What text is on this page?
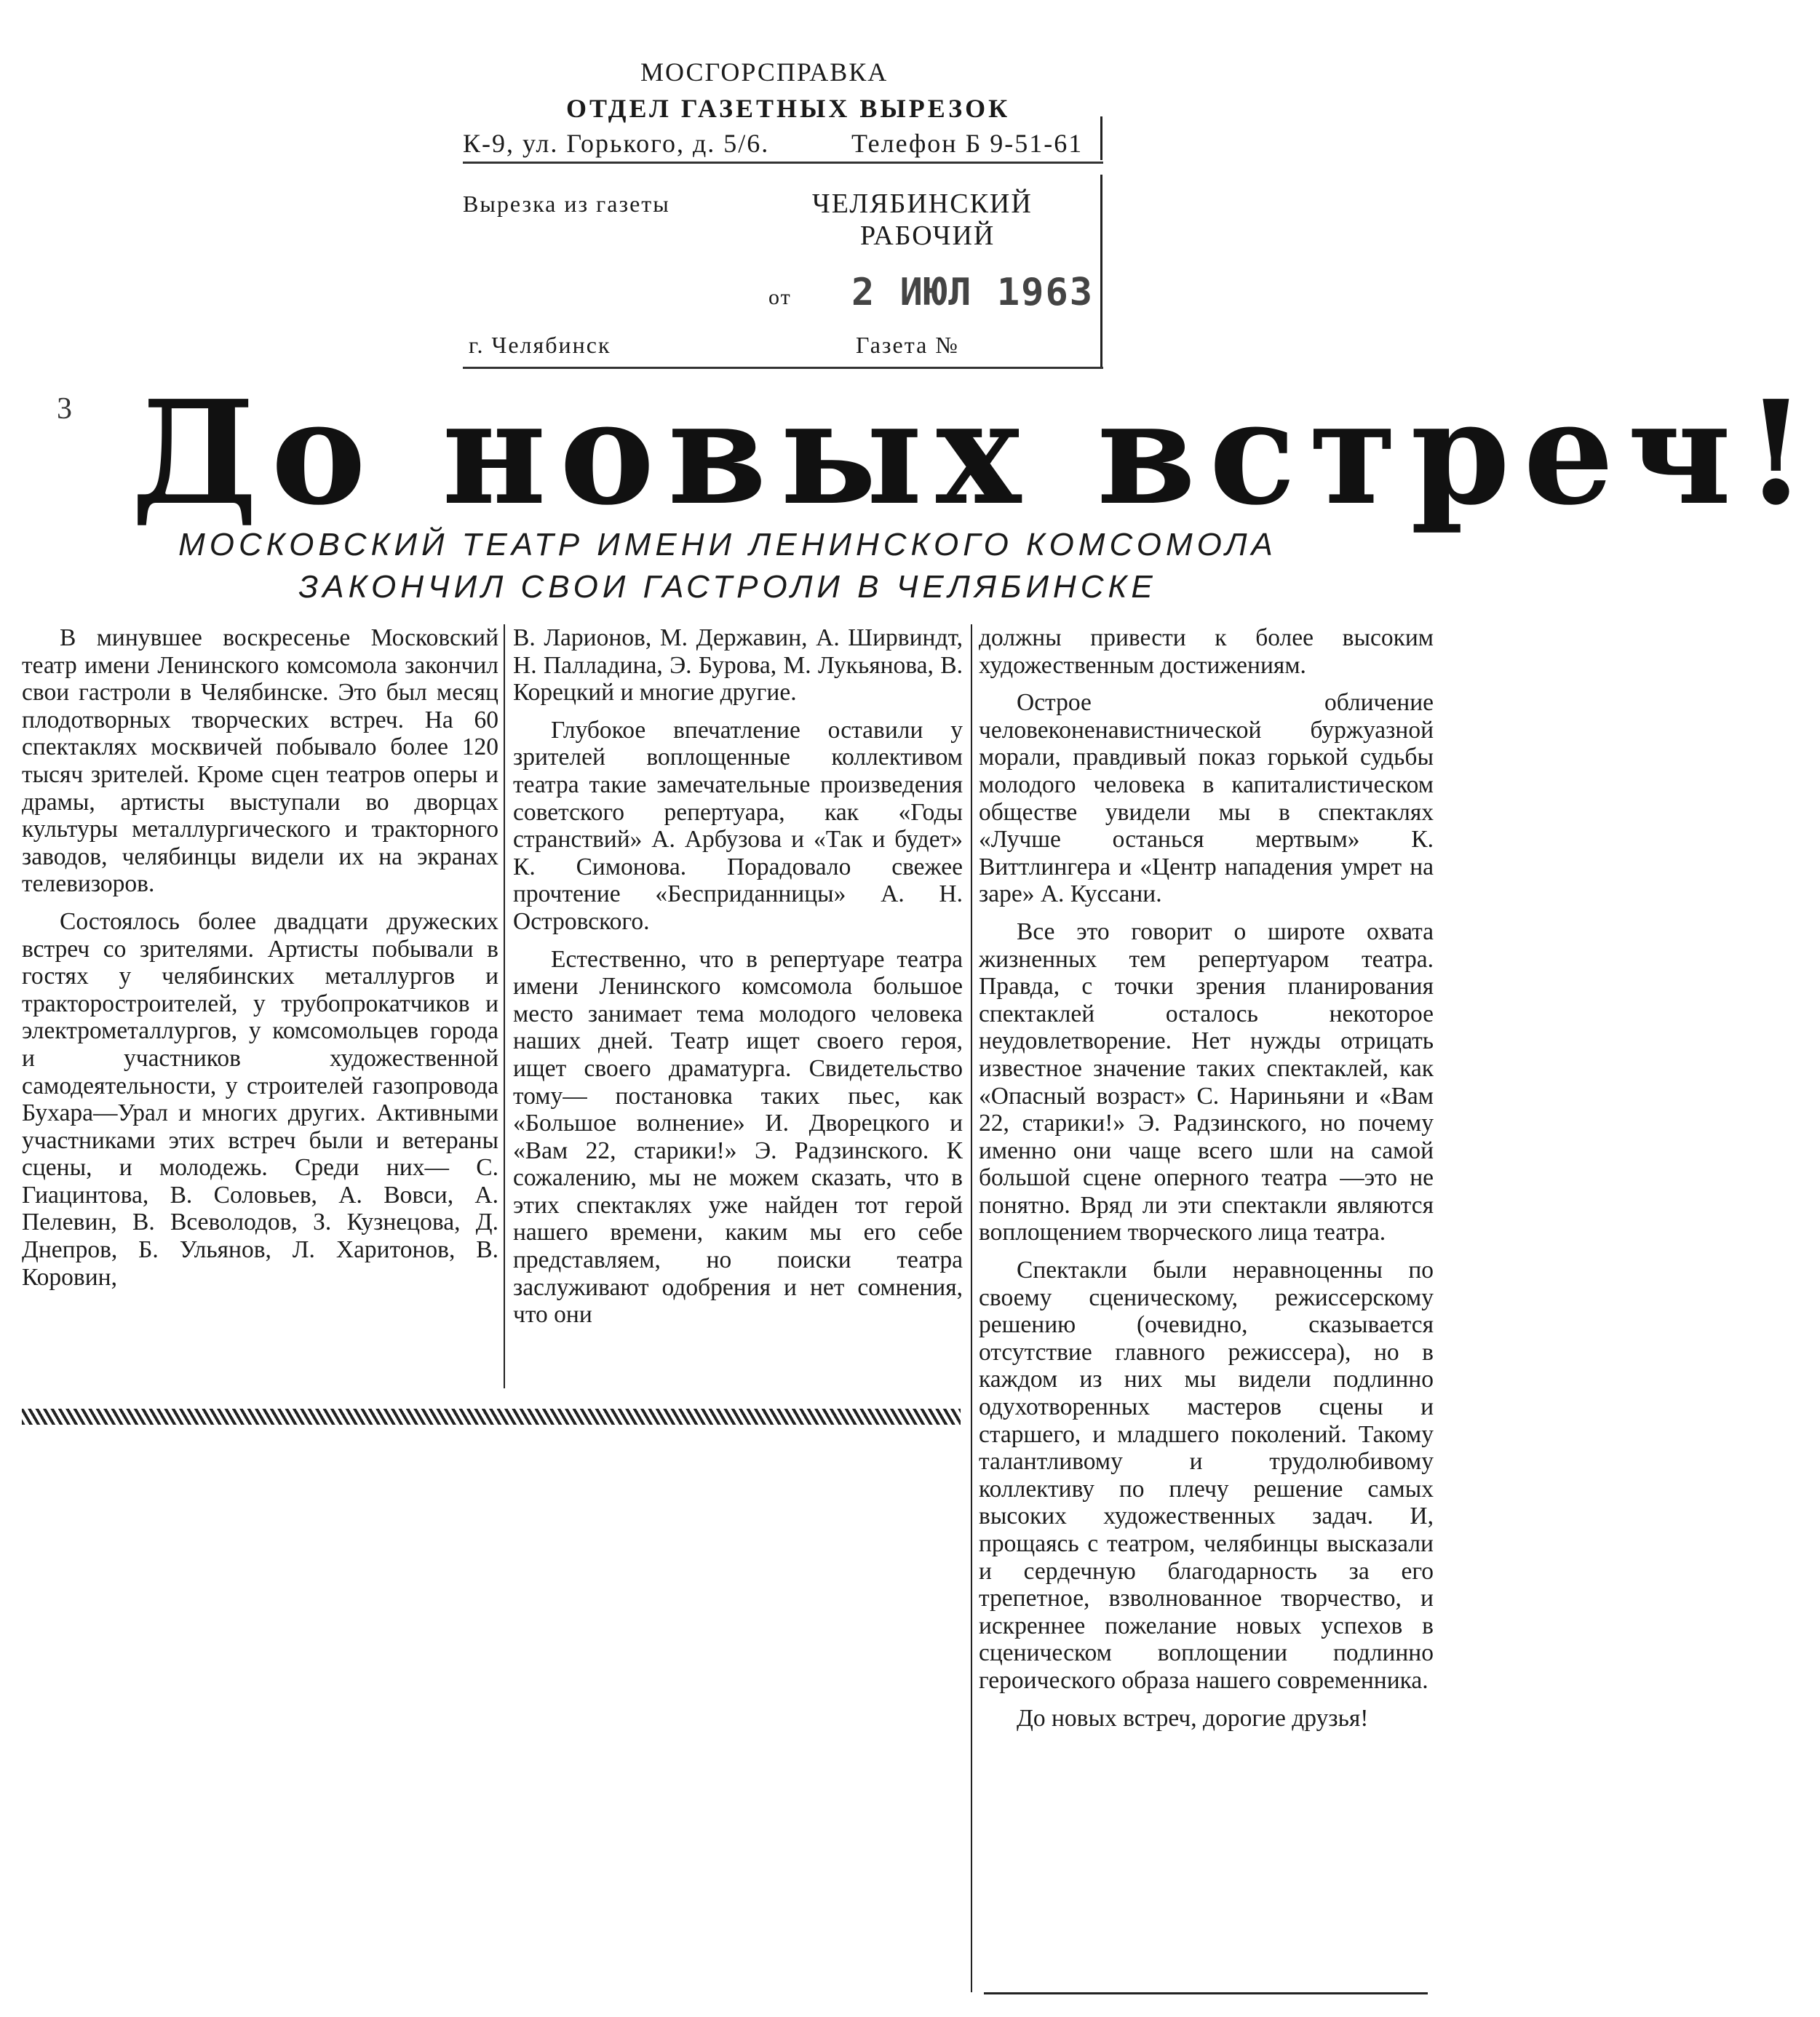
МОСГОРСПРАВКА
ОТДЕЛ ГАЗЕТНЫХ ВЫРЕЗОК
К-9, ул. Горького, д. 5/6.	Телефон Б 9-51-61
Вырезка из газеты	ЧЕЛЯБИНСКИЙ
РАБОЧИЙ
от 2 ИЮЛ 1963
г. Челябинск	Газета №
3 До новых встреч!
МОСКОВСКИЙ ТЕАТР ИМЕНИ ЛЕНИНСКОГО КОМСОМОЛА
ЗАКОНЧИЛ СВОИ ГАСТРОЛИ В ЧЕЛЯБИНСКЕ

В минувшее воскресенье Московский театр имени Ленинского комсомола закончил свои гастроли в Челябинске. Это был месяц плодотворных творческих встреч. На 60 спектаклях москвичей побывало более 120 тысяч зрителей. Кроме сцен театров оперы и драмы, артисты выступали во дворцах культуры металлургического и тракторного заводов, челябинцы видели их на экранах телевизоров.

Состоялось более двадцати дружеских встреч со зрителями. Артисты побывали в гостях у челябинских металлургов и тракторостроителей, у трубопрокатчиков и электрометаллургов, у комсомольцев города и участников художественной самодеятельности, у строителей газопровода Бухара—Урал и многих других. Активными участниками этих встреч были и ветераны сцены, и молодежь. Среди них— С. Гиацинтова, В. Соловьев, А. Вовси, А. Пелевин, В. Всеволодов, З. Кузнецова, Д. Днепров, Б. Ульянов, Л. Харитонов, В. Коровин,

В. Ларионов, М. Державин, А. Ширвиндт, Н. Палладина, Э. Бурова, М. Лукьянова, В. Корецкий и многие другие.

Глубокое впечатление оставили у зрителей воплощенные коллективом театра такие замечательные произведения советского репертуара, как «Годы странствий» А. Арбузова и «Так и будет» К. Симонова. Порадовало свежее прочтение «Бесприданницы» А. Н. Островского.

Естественно, что в репертуаре театра имени Ленинского комсомола большое место занимает тема молодого человека наших дней. Театр ищет своего героя, ищет своего драматурга. Свидетельство тому— постановка таких пьес, как «Большое волнение» И. Дворецкого и «Вам 22, старики!» Э. Радзинского. К сожалению, мы не можем сказать, что в этих спектаклях уже найден тот герой нашего времени, каким мы его себе представляем, но поиски театра заслуживают одобрения и нет сомнения, что они

должны привести к более высоким художественным достижениям.

Острое обличение человеконенавистнической буржуазной морали, правдивый показ горькой судьбы молодого человека в капиталистическом обществе увидели мы в спектаклях «Лучше останься мертвым» К. Виттлингера и «Центр нападения умрет на заре» А. Куссани.

Все это говорит о широте охвата жизненных тем репертуаром театра. Правда, с точки зрения планирования спектаклей осталось некоторое неудовлетворение. Нет нужды отрицать известное значение таких спектаклей, как «Опасный возраст» С. Нариньяни и «Вам 22, старики!» Э. Радзинского, но почему именно они чаще всего шли на самой большой сцене оперного театра —это не понятно. Вряд ли эти спектакли являются воплощением творческого лица театра.

Спектакли были неравноценны по своему сценическому, режиссерскому решению (очевидно, сказывается отсутствие главного режиссера), но в каждом из них мы видели подлинно одухотворенных мастеров сцены и старшего, и младшего поколений. Такому талантливому и трудолюбивому коллективу по плечу решение самых высоких художественных задач. И, прощаясь с театром, челябинцы высказали и сердечную благодарность за его трепетное, взволнованное творчество, и искреннее пожелание новых успехов в сценическом воплощении подлинно героического образа нашего современника.

До новых встреч, дорогие друзья!
